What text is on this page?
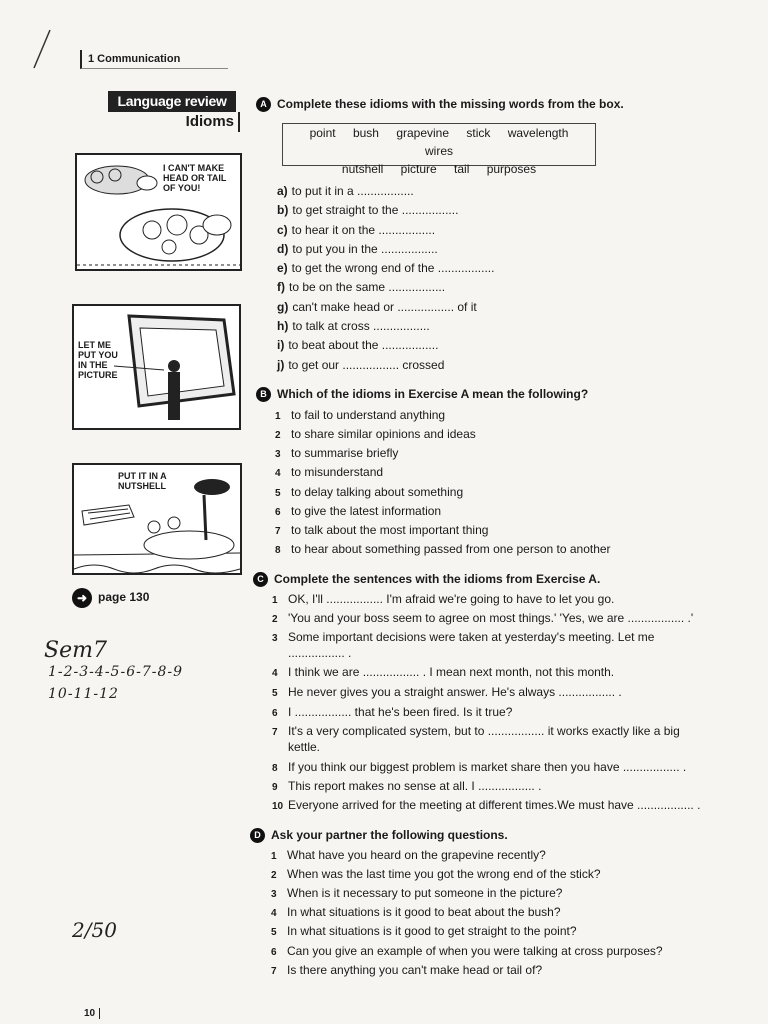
1 Communication
Language review
Idioms
I CAN'T MAKE HEAD OR TAIL OF YOU!
LET ME PUT YOU IN THE PICTURE
PUT IT IN A NUTSHELL
➜ page 130
Sem7
1-2-3-4-5-6-7-8-9
10-11-12
2/50
A Complete these idioms with the missing words from the box.
point bush grapevine stick wavelength wires
nutshell picture tail purposes
a) to put it in a .................
b) to get straight to the .................
c) to hear it on the .................
d) to put you in the .................
e) to get the wrong end of the .................
f) to be on the same .................
g) can't make head or ................. of it
h) to talk at cross .................
i) to beat about the .................
j) to get our ................. crossed
B Which of the idioms in Exercise A mean the following?
1 to fail to understand anything
2 to share similar opinions and ideas
3 to summarise briefly
4 to misunderstand
5 to delay talking about something
6 to give the latest information
7 to talk about the most important thing
8 to hear about something passed from one person to another
C Complete the sentences with the idioms from Exercise A.
1 OK, I'll ................. I'm afraid we're going to have to let you go.
2 'You and your boss seem to agree on most things.' 'Yes, we are ................. .'
3 Some important decisions were taken at yesterday's meeting. Let me
................. .
4 I think we are ................. . I mean next month, not this month.
5 He never gives you a straight answer. He's always ................. .
6 I ................. that he's been fired. Is it true?
7 It's a very complicated system, but to ................. it works exactly like a big
kettle.
8 If you think our biggest problem is market share then you have ................. .
9 This report makes no sense at all. I ................. .
10 Everyone arrived for the meeting at different times.We must have ................. .
D Ask your partner the following questions.
1 What have you heard on the grapevine recently?
2 When was the last time you got the wrong end of the stick?
3 When is it necessary to put someone in the picture?
4 In what situations is it good to beat about the bush?
5 In what situations is it good to get straight to the point?
6 Can you give an example of when you were talking at cross purposes?
7 Is there anything you can't make head or tail of?
10
